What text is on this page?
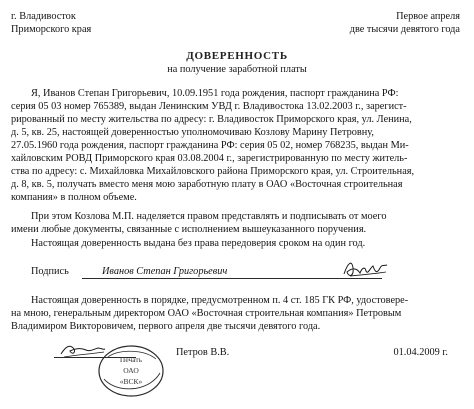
г. Владивосток
Приморского края
Первое апреля
две тысячи девятого года
ДОВЕРЕННОСТЬ
на получение заработной платы
Я, Иванов Степан Григорьевич, 10.09.1951 года рождения, паспорт гражданина РФ:
серия 05 03 номер 765389, выдан Ленинским УВД г. Владивостока 13.02.2003 г., зарегист-
рированный по месту жительства по адресу: г. Владивосток Приморского края, ул. Ленина,
д. 5, кв. 25, настоящей доверенностью уполномочиваю Козлову Марину Петровну,
27.05.1960 года рождения, паспорт гражданина РФ: серия 05 02, номер 768235, выдан Ми-
хайловским РОВД Приморского края 03.08.2004 г., зарегистрированную по месту житель-
ства по адресу: с. Михайловка Михайловского района Приморского края, ул. Строительная,
д. 8, кв. 5, получать вместо меня мою заработную плату в ОАО «Восточная строительная
компания» в полном объеме.
При этом Козлова М.П. наделяется правом представлять и подписывать от моего
имени любые документы, связанные с исполнением вышеуказанного поручения.
Настоящая доверенность выдана без права передоверия сроком на один год.
Подпись	Иванов Степан Григорьевич
Настоящая доверенность в порядке, предусмотренном п. 4 ст. 185 ГК РФ, удостовере-
на мною, генеральным директором ОАО «Восточная строительная компания» Петровым
Владимиром Викторовичем, первого апреля две тысячи девятого года.
Печать
ОАО
«ВСК»
Петров В.В.	01.04.2009 г.
